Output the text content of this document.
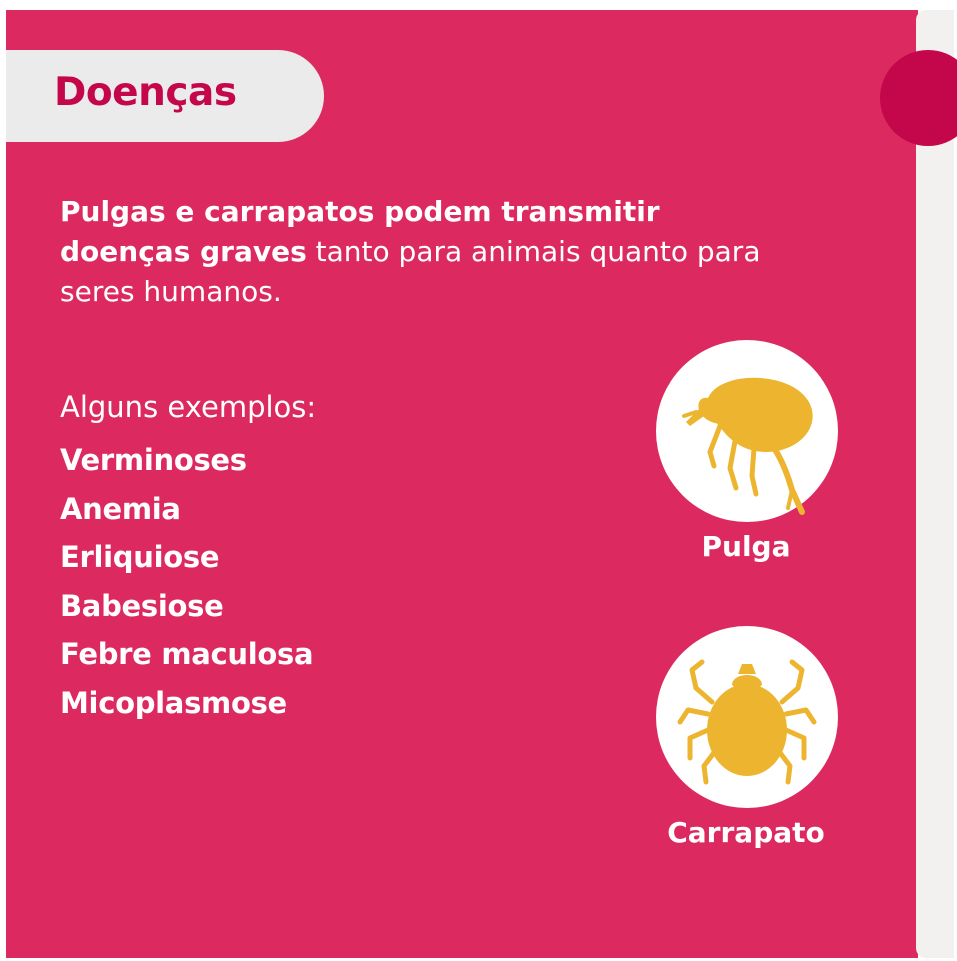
Doenças

Pulgas e carrapatos podem transmitir doenças graves tanto para animais quanto para seres humanos.

Alguns exemplos:

Verminoses
Anemia
Erliquiose
Babesiose
Febre maculosa
Micoplasmose

Pulga

Carrapato
